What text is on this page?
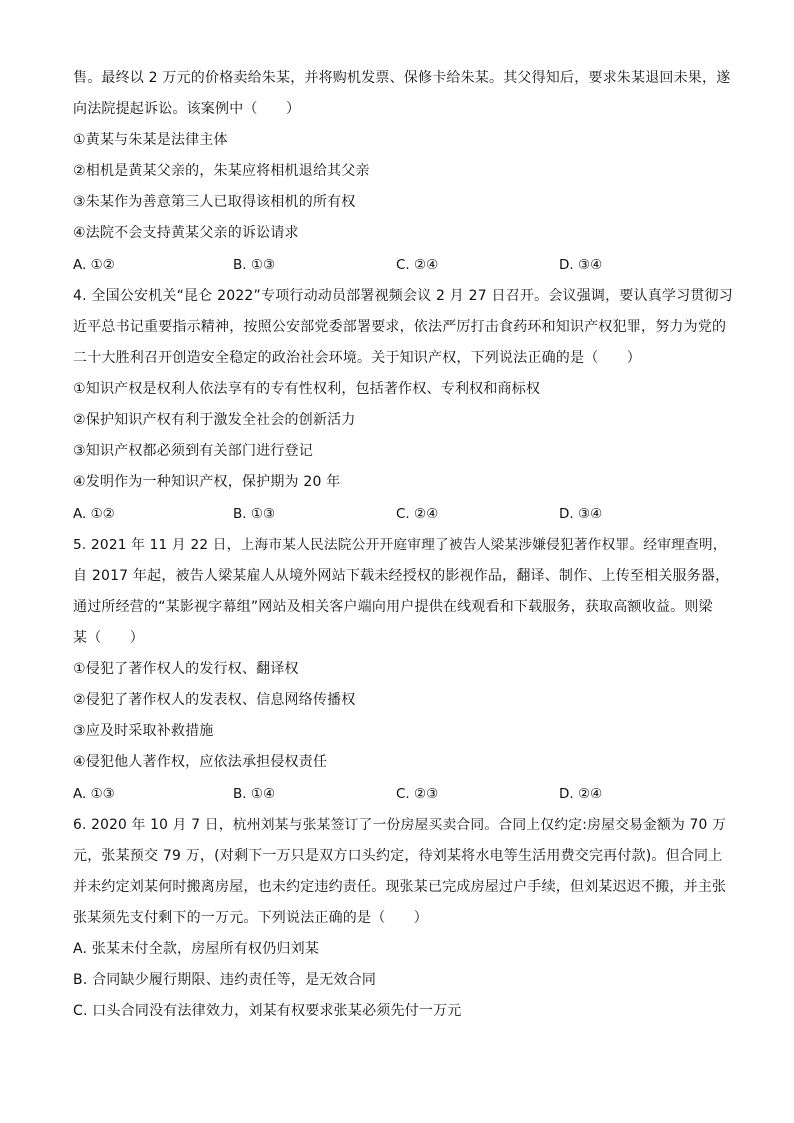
售。最终以 2 万元的价格卖给朱某，并将购机发票、保修卡给朱某。其父得知后，要求朱某退回未果，遂
向法院提起诉讼。该案例中（　　）
①黄某与朱某是法律主体
②相机是黄某父亲的，朱某应将相机退给其父亲
③朱某作为善意第三人已取得该相机的所有权
④法院不会支持黄某父亲的诉讼请求
A. ①②	B. ①③	C. ②④	D. ③④
4. 全国公安机关“昆仑 2022”专项行动动员部署视频会议 2 月 27 日召开。会议强调，要认真学习贯彻习
近平总书记重要指示精神，按照公安部党委部署要求，依法严厉打击食药环和知识产权犯罪，努力为党的
二十大胜利召开创造安全稳定的政治社会环境。关于知识产权，下列说法正确的是（　　）
①知识产权是权利人依法享有的专有性权利，包括著作权、专利权和商标权
②保护知识产权有利于激发全社会的创新活力
③知识产权都必须到有关部门进行登记
④发明作为一种知识产权，保护期为 20 年
A. ①②	B. ①③	C. ②④	D. ③④
5. 2021 年 11 月 22 日，上海市某人民法院公开开庭审理了被告人梁某涉嫌侵犯著作权罪。经审理查明，
自 2017 年起，被告人梁某雇人从境外网站下载未经授权的影视作品，翻译、制作、上传至相关服务器，
通过所经营的“某影视字幕组”网站及相关客户端向用户提供在线观看和下载服务，获取高额收益。则梁
某（　　）
①侵犯了著作权人的发行权、翻译权
②侵犯了著作权人的发表权、信息网络传播权
③应及时采取补救措施
④侵犯他人著作权，应依法承担侵权责任
A. ①③	B. ①④	C. ②③	D. ②④
6. 2020 年 10 月 7 日，杭州刘某与张某签订了一份房屋买卖合同。合同上仅约定:房屋交易金额为 70 万
元，张某预交 79 万，(对剩下一万只是双方口头约定，待刘某将水电等生活用费交完再付款)。但合同上
并未约定刘某何时搬离房屋，也未约定违约责任。现张某已完成房屋过户手续，但刘某迟迟不搬，并主张
张某须先支付剩下的一万元。下列说法正确的是（　　）
A. 张某未付全款，房屋所有权仍归刘某
B. 合同缺少履行期限、违约责任等，是无效合同
C. 口头合同没有法律效力，刘某有权要求张某必须先付一万元
